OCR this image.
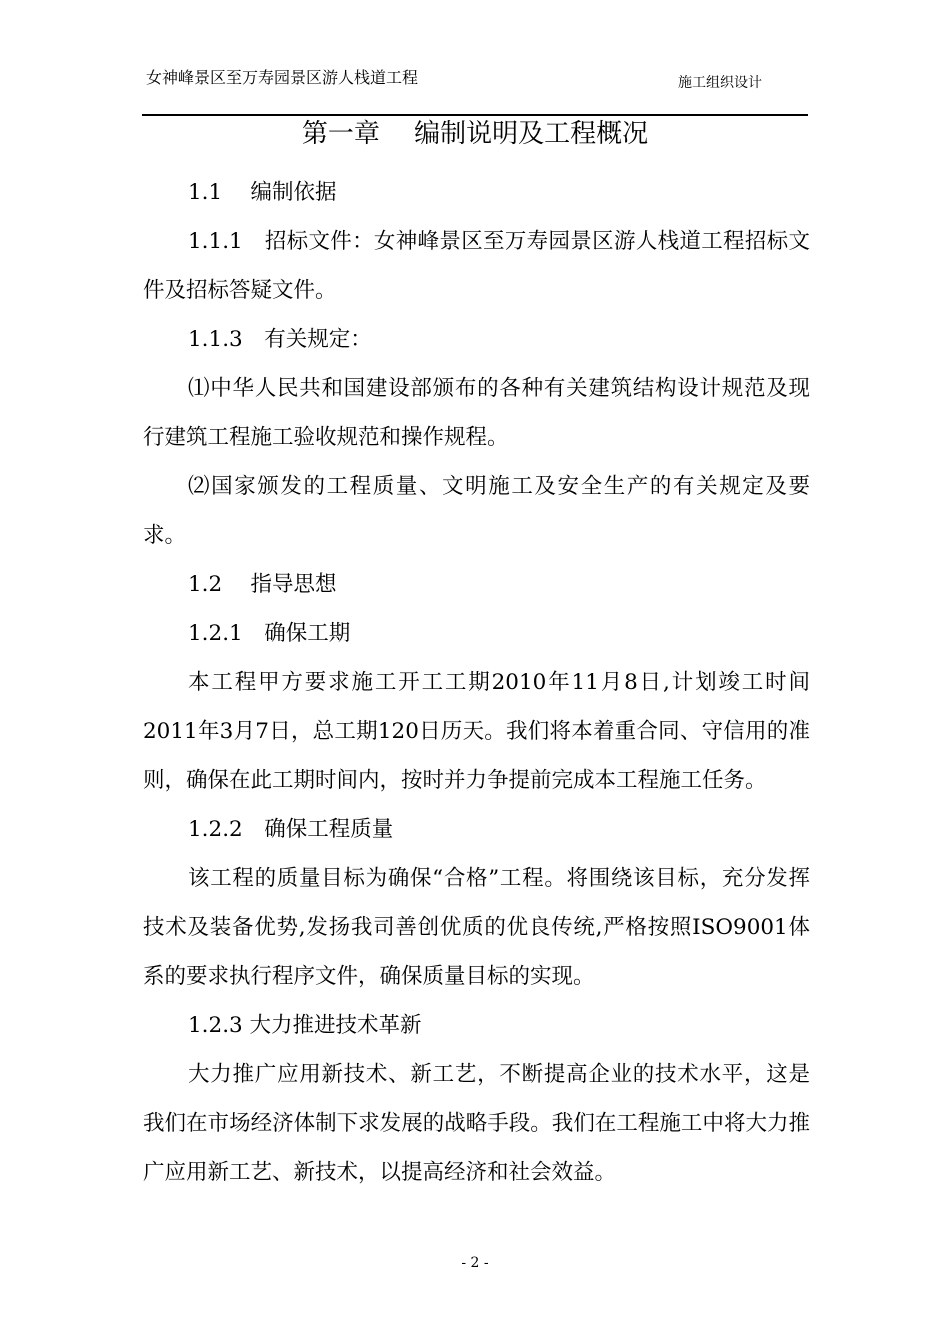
女神峰景区至万寿园景区游人栈道工程	施工组织设计
第一章　 编制说明及工程概况

1.1　 编制依据

1.1.1　招标文件：女神峰景区至万寿园景区游人栈道工程招标文件及招标答疑文件。

1.1.3　有关规定：

⑴中华人民共和国建设部颁布的各种有关建筑结构设计规范及现行建筑工程施工验收规范和操作规程。

⑵国家颁发的工程质量、文明施工及安全生产的有关规定及要求。

1.2　 指导思想

1.2.1　确保工期

本工程甲方要求施工开工工期2010年11月8日,计划竣工时间2011年3月7日，总工期120日历天。我们将本着重合同、守信用的准则，确保在此工期时间内，按时并力争提前完成本工程施工任务。

1.2.2　确保工程质量

该工程的质量目标为确保“合格”工程。将围绕该目标，充分发挥技术及装备优势,发扬我司善创优质的优良传统,严格按照ISO9001体系的要求执行程序文件，确保质量目标的实现。

1.2.3 大力推进技术革新

大力推广应用新技术、新工艺，不断提高企业的技术水平，这是我们在市场经济体制下求发展的战略手段。我们在工程施工中将大力推广应用新工艺、新技术，以提高经济和社会效益。

- 2 -
